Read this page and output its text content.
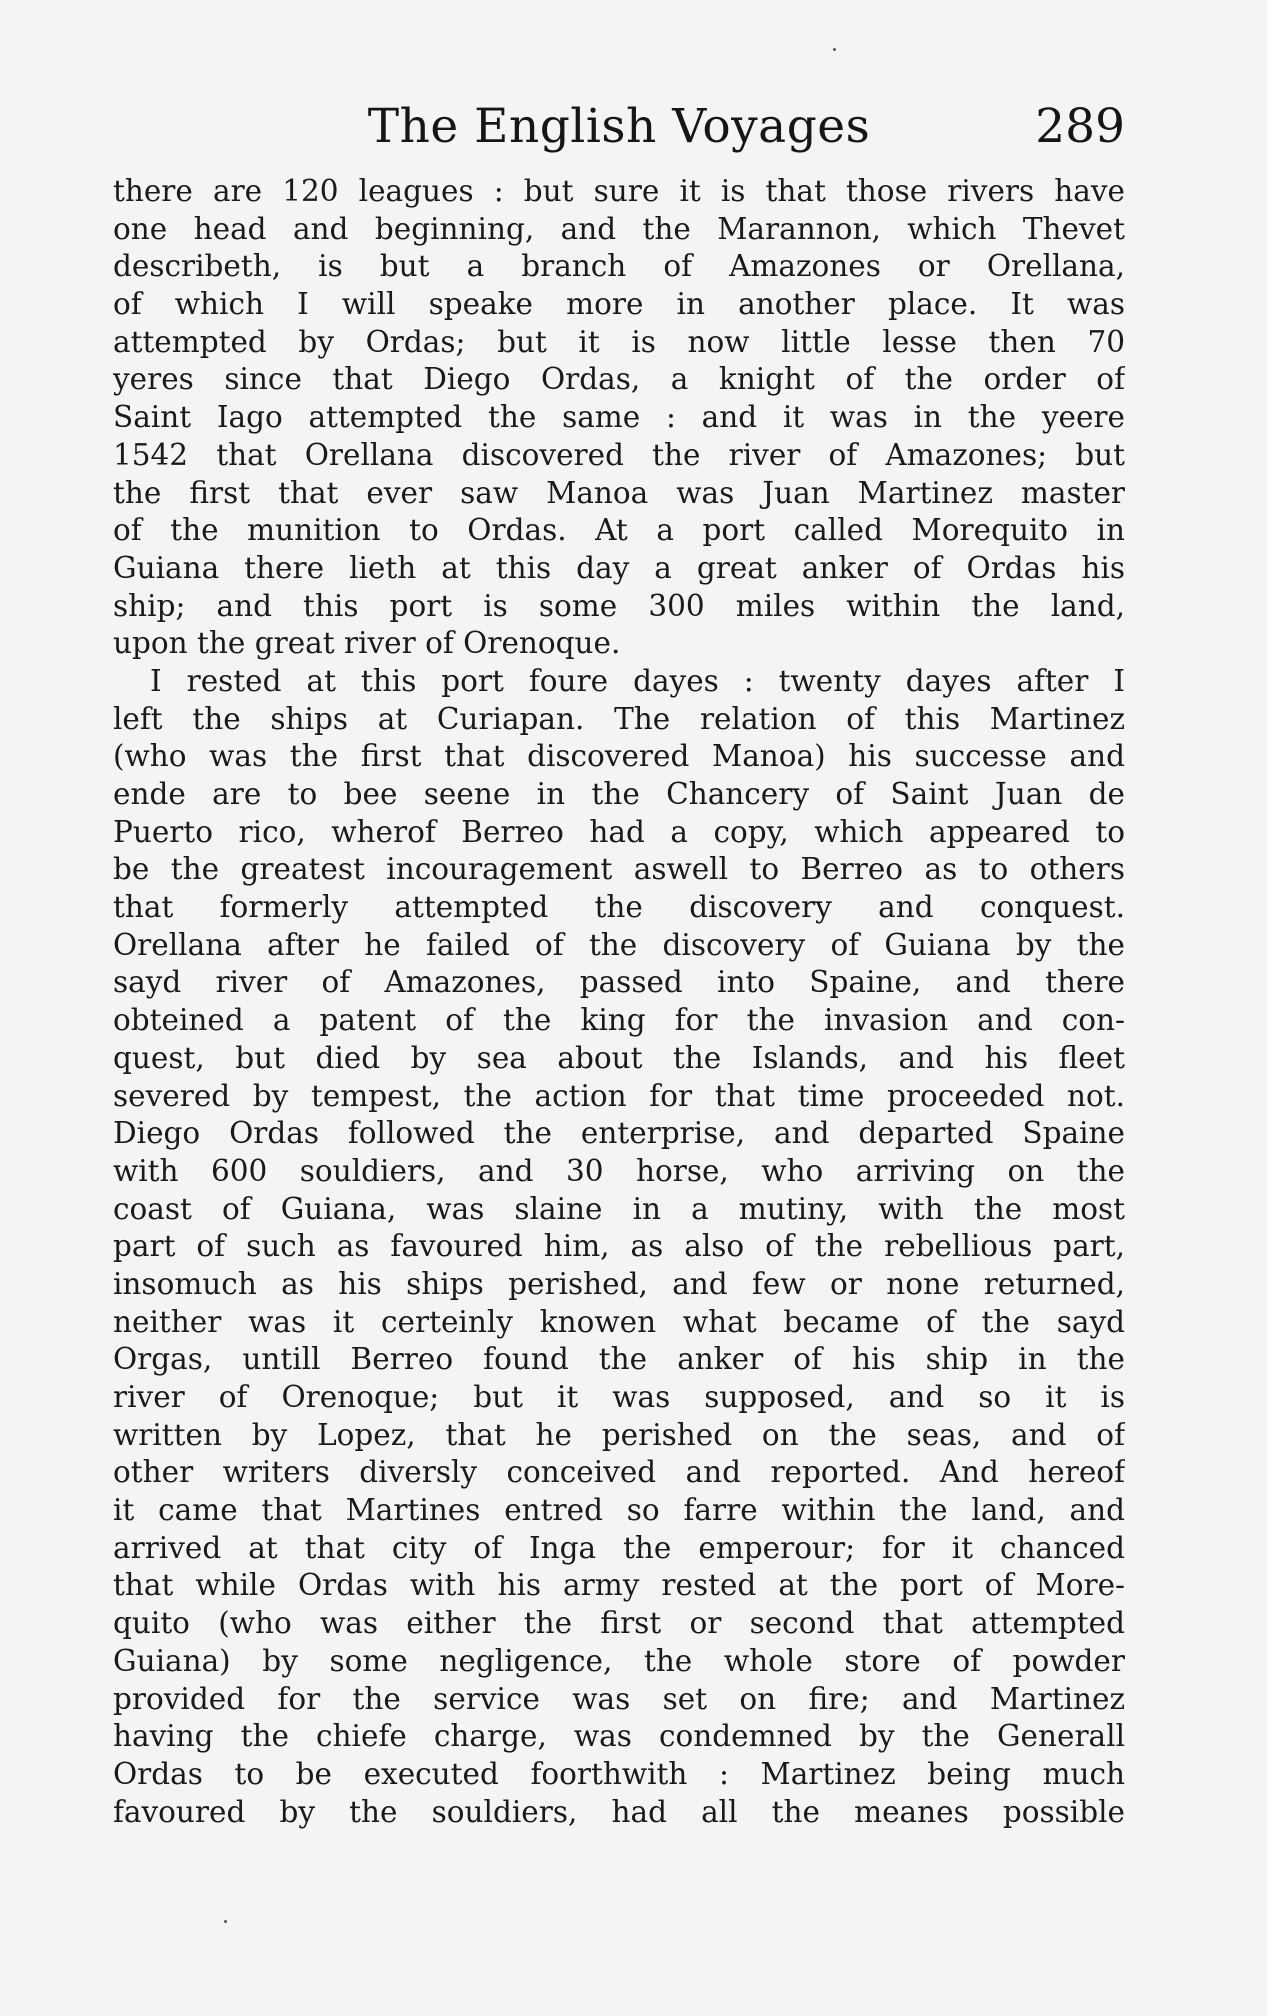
The English Voyages	289
there are 120 leagues : but sure it is that those rivers have
one head and beginning, and the Marannon, which Thevet
describeth, is but a branch of Amazones or Orellana,
of which I will speake more in another place. It was
attempted by Ordas; but it is now little lesse then 70
yeres since that Diego Ordas, a knight of the order of
Saint Iago attempted the same : and it was in the yeere
1542 that Orellana discovered the river of Amazones; but
the first that ever saw Manoa was Juan Martinez master
of the munition to Ordas. At a port called Morequito in
Guiana there lieth at this day a great anker of Ordas his
ship; and this port is some 300 miles within the land,
upon the great river of Orenoque.
I rested at this port foure dayes : twenty dayes after I
left the ships at Curiapan. The relation of this Martinez
(who was the first that discovered Manoa) his successe and
ende are to bee seene in the Chancery of Saint Juan de
Puerto rico, wherof Berreo had a copy, which appeared to
be the greatest incouragement aswell to Berreo as to others
that formerly attempted the discovery and conquest.
Orellana after he failed of the discovery of Guiana by the
sayd river of Amazones, passed into Spaine, and there
obteined a patent of the king for the invasion and con-
quest, but died by sea about the Islands, and his fleet
severed by tempest, the action for that time proceeded not.
Diego Ordas followed the enterprise, and departed Spaine
with 600 souldiers, and 30 horse, who arriving on the
coast of Guiana, was slaine in a mutiny, with the most
part of such as favoured him, as also of the rebellious part,
insomuch as his ships perished, and few or none returned,
neither was it certeinly knowen what became of the sayd
Orgas, untill Berreo found the anker of his ship in the
river of Orenoque; but it was supposed, and so it is
written by Lopez, that he perished on the seas, and of
other writers diversly conceived and reported. And hereof
it came that Martines entred so farre within the land, and
arrived at that city of Inga the emperour; for it chanced
that while Ordas with his army rested at the port of More-
quito (who was either the first or second that attempted
Guiana) by some negligence, the whole store of powder
provided for the service was set on fire; and Martinez
having the chiefe charge, was condemned by the Generall
Ordas to be executed foorthwith : Martinez being much
favoured by the souldiers, had all the meanes possible
